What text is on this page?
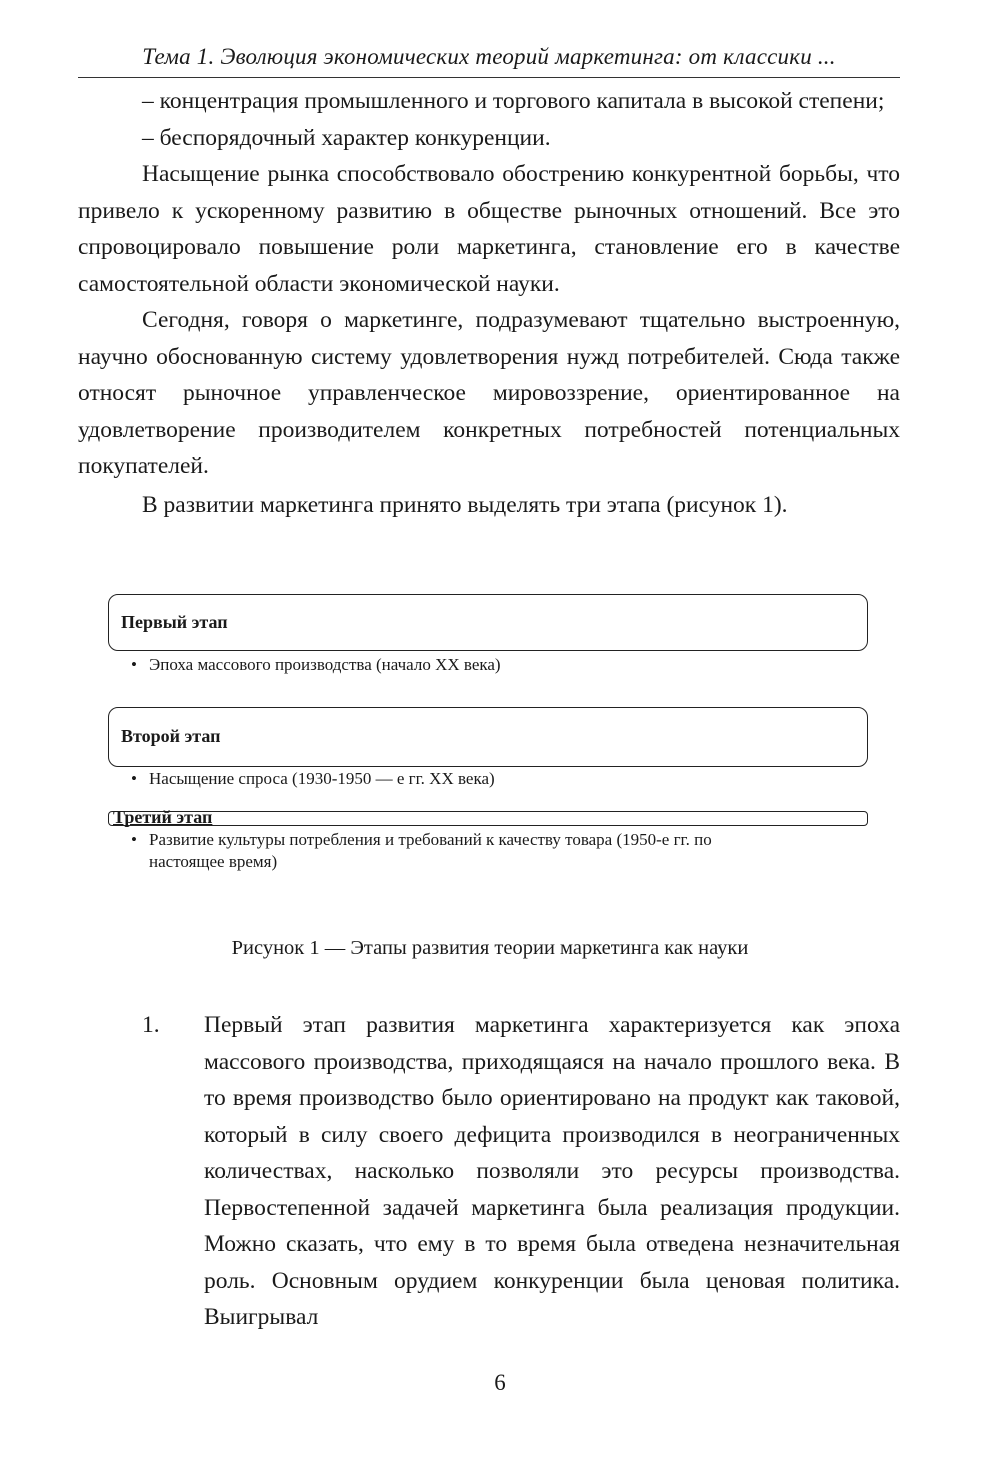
Тема 1. Эволюция экономических теорий маркетинга: от классики ...

– концентрация промышленного и торгового капитала в высокой степени;

– беспорядочный характер конкуренции.

Насыщение рынка способствовало обострению конкурентной борьбы, что привело к ускоренному развитию в обществе рыночных отношений. Все это спровоцировало повышение роли маркетинга, становление его в качестве самостоятельной области экономической науки.

Сегодня, говоря о маркетинге, подразумевают тщательно выстроенную, научно обоснованную систему удовлетворения нужд потребителей. Сюда также относят рыночное управленческое мировоззрение, ориентированное на удовлетворение производителем конкретных потребностей потенциальных покупателей.

В развитии маркетинга принято выделять три этапа (рисунок 1).

Первый этап
• Эпоха массового производства (начало XX века)
Второй этап
• Насыщение спроса (1930-1950 — е гг. XX века)
Третий этап
• Развитие культуры потребления и требований к качеству товара (1950-е гг. по
настоящее время)
Рисунок 1 — Этапы развития теории маркетинга как науки
1. Первый этап развития маркетинга характеризуется как эпоха массового производства, приходящаяся на начало прошлого века. В то время производство было ориентировано на продукт как таковой, который в силу своего дефицита производился в неограниченных количествах, насколько позволяли это ресурсы производства. Первостепенной задачей маркетинга была реализация продукции. Можно сказать, что ему в то время была отведена незначительная роль. Основным орудием конкуренции была ценовая политика. Выигрывал
6
